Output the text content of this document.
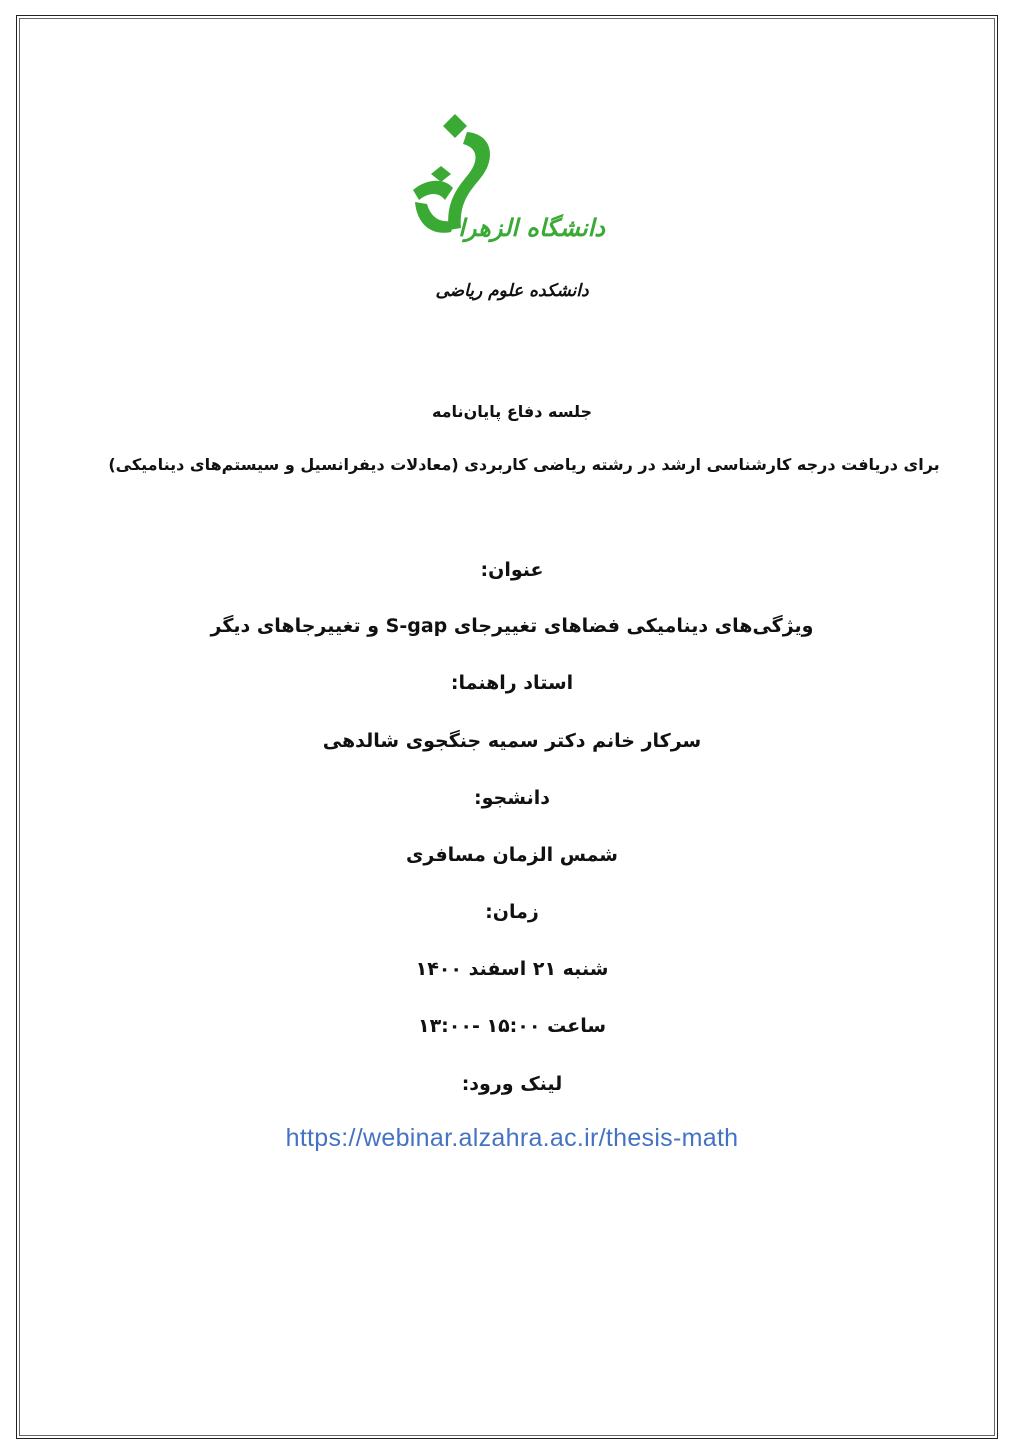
دانشگاه الزهرا
دانشکده علوم ریاضی
جلسه دفاع پایان‌نامه
برای دریافت درجه کارشناسی ارشد در رشته ریاضی کاربردی (معادلات دیفرانسیل و سیستم‌های دینامیکی)
عنوان:
ویژگی‌های دینامیکی فضاهای تغییرجای S-gap و تغییرجاهای دیگر
استاد راهنما:
سرکار خانم دکتر سمیه جنگجوی شالدهی
دانشجو:
شمس الزمان مسافری
زمان:
شنبه ۲۱ اسفند ۱۴۰۰
ساعت ۱۵:۰۰ -۱۳:۰۰
لینک ورود:
https://webinar.alzahra.ac.ir/thesis-math
